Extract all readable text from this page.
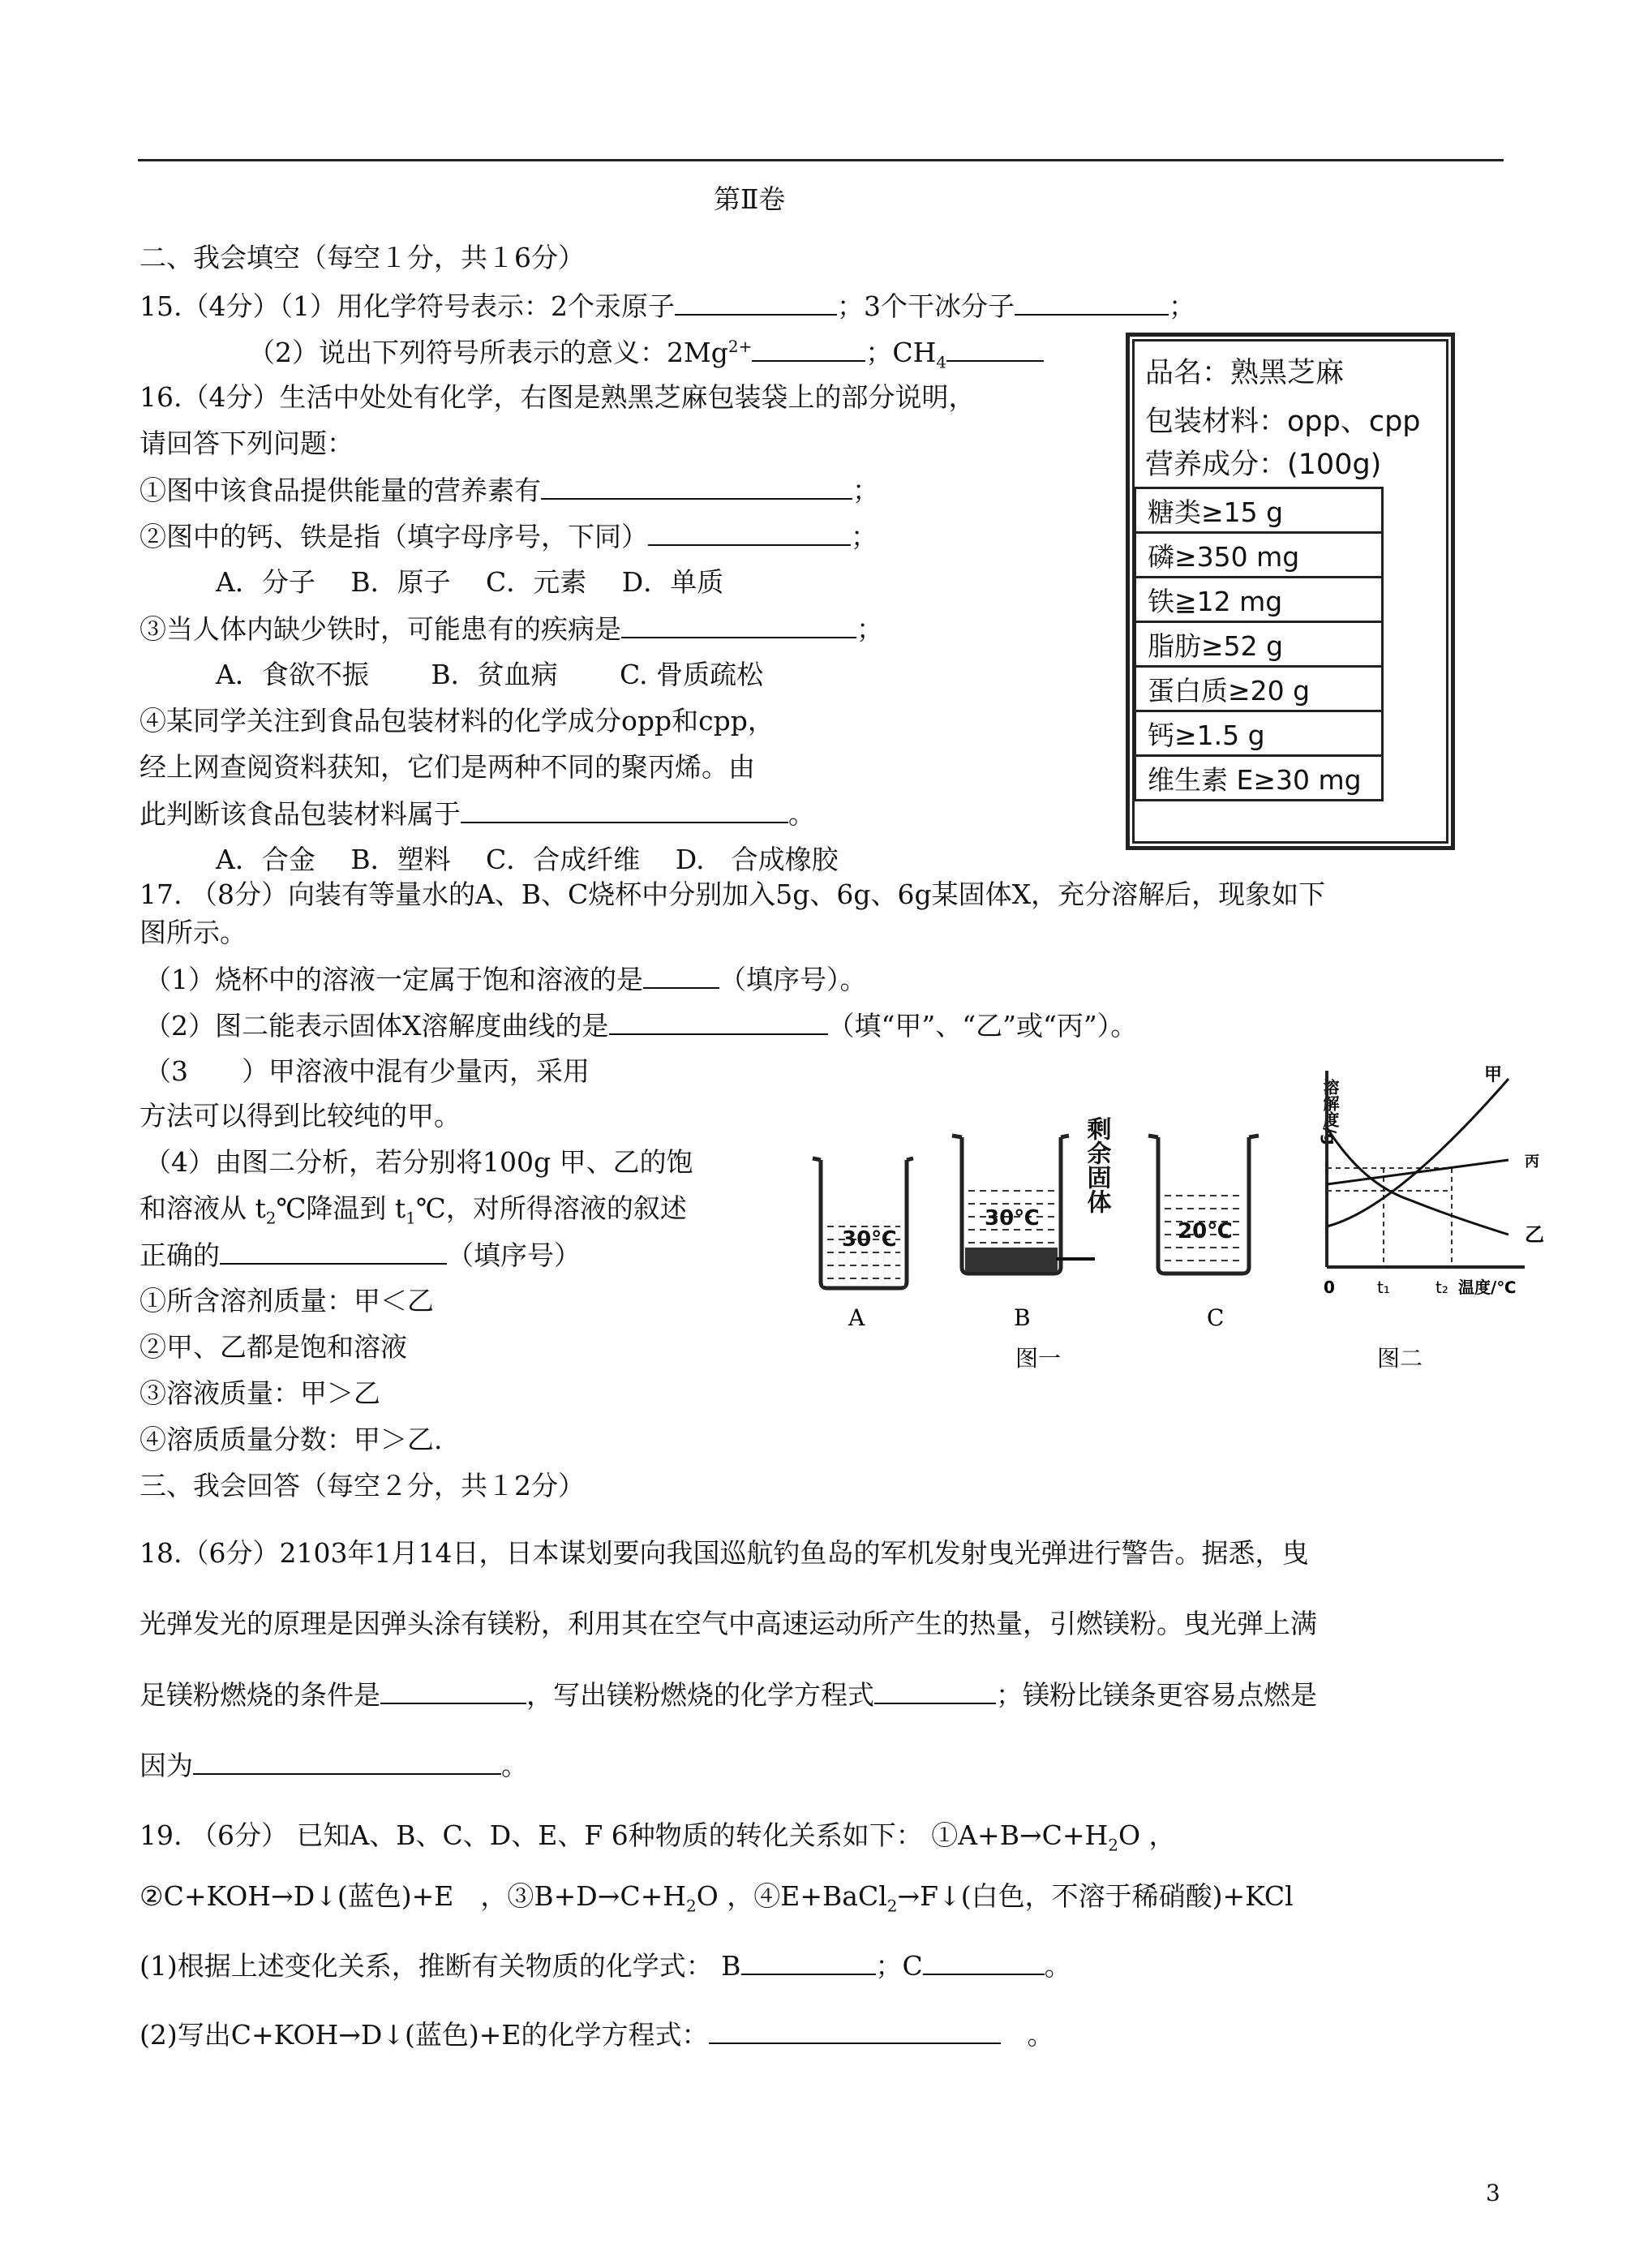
第Ⅱ卷
二、我会填空（每空１分，共１6分）
15.（4分）（1）用化学符号表示：2个汞原子	；3个干冰分子	；
（2）说出下列符号所表示的意义：$2Mg^{2+}$	；$CH_4$
16.（4分）生活中处处有化学，右图是熟黑芝麻包装袋上的部分说明，
请回答下列问题：
①图中该食品提供能量的营养素有	；
②图中的钙、铁是指（填字母序号，下同）	；
A．分子　 B．原子　 C．元素　 D．单质
③当人体内缺少铁时，可能患有的疾病是	；
A．食欲不振　　 B．贫血病　　 C. 骨质疏松
④某同学关注到食品包装材料的化学成分opp和cpp，
经上网查阅资料获知，它们是两种不同的聚丙烯。由
此判断该食品包装材料属于	。
A．合金　 B．塑料　 C．合成纤维　 D.　合成橡胶
品名：熟黑芝麻
包装材料：opp、cpp
营养成分：(100g)
糖类≥15 g
磷≥350 mg
铁≧12 mg
脂肪≥52 g
蛋白质≥20 g
钙≥1.5 g
维生素 E≥30 mg
17. （8分）向装有等量水的A、B、C烧杯中分别加入5g、6g、6g某固体X，充分溶解后，现象如下
图所示。
（1）烧杯中的溶液一定属于饱和溶液的是	（填序号）。
（2）图二能表示固体X溶解度曲线的是	（填“甲”、“乙”或“丙”）。
（3　　）甲溶液中混有少量丙，采用
方法可以得到比较纯的甲。
（4）由图二分析，若分别将100g 甲、乙的饱
和溶液从 $t_2℃$降温到 $t_1℃$，对所得溶液的叙述
正确的	（填序号）
①所含溶剂质量：甲＜乙
②甲、乙都是饱和溶液
③溶液质量：甲＞乙
④溶质质量分数：甲＞乙.
30℃
30℃
剩余固体
20℃
A	B	C
图一
溶解度/g
甲
丙
乙
0	t₁	t₂ 温度/℃
图二
三、我会回答（每空２分，共１2分）
18.（6分）2103年1月14日，日本谋划要向我国巡航钓鱼岛的军机发射曳光弹进行警告。据悉，曳
光弹发光的原理是因弹头涂有镁粉，利用其在空气中高速运动所产生的热量，引燃镁粉。曳光弹上满
足镁粉燃烧的条件是	，写出镁粉燃烧的化学方程式	；镁粉比镁条更容易点燃是
因为	。
19. （6分） 已知A、B、C、D、E、F 6种物质的转化关系如下： $①A+B\to C+H_2O$ ，
②C+KOH→D↓(蓝色)+E　，$③B+D\to C+H_2O$ ，④E+BaCl$_2$→F↓(白色，不溶于稀硝酸)+KCl
(1)根据上述变化关系，推断有关物质的化学式： B	；C	。
(2)写出C+KOH→D↓(蓝色)+E的化学方程式：	　。
3
